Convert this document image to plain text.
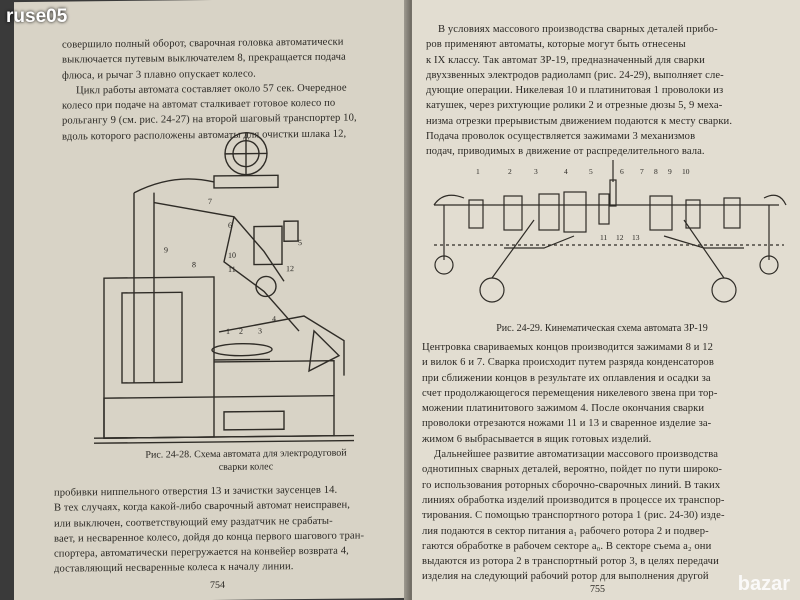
совершило полный оборот, сварочная головка автоматически
выключается путевым выключателем 8, прекращается подача
флюса, и рычаг 3 плавно опускает колесо.
Цикл работы автомата составляет около 57 сек. Очередное
колесо при подаче на автомат сталкивает готовое колесо по
рольгангу 9 (см. рис. 24-27) на второй шаговый транспортер 10,
вдоль которого расположены автоматы для очистки шлака 12,
7
6
5
10
11	12
4
1 2 3
8
9
Рис. 24-28. Схема автомата для электродуговой
сварки колес
пробивки ниппельного отверстия 13 и зачистки заусенцев 14.
В тех случаях, когда какой-либо сварочный автомат неисправен,
или выключен, соответствующий ему раздатчик не срабаты-
вает, и несваренное колесо, дойдя до конца первого шагового тран-
спортера, автоматически перегружается на конвейер возврата 4,
доставляющий несваренные колеса к началу линии.
754
В условиях массового производства сварных деталей прибо-
ров применяют автоматы, которые могут быть отнесены
к IX классу. Так автомат ЗР-19, предназначенный для сварки
двухзвенных электродов радиоламп (рис. 24-29), выполняет сле-
дующие операции. Никелевая 10 и платинитовая 1 проволоки из
катушек, через рихтующие ролики 2 и отрезные дюзы 5, 9 меха-
низма отрезки прерывистым движением подаются к месту сварки.
Подача проволок осуществляется зажимами 3 механизмов
подач, приводимых в движение от распределительного вала.
1	2	3	4	5	6 7 8 9 10
11 12 13
Рис. 24-29. Кинематическая схема автомата ЗР-19
Центровка свариваемых концов производится зажимами 8 и 12
и вилок 6 и 7. Сварка происходит путем разряда конденсаторов
при сближении концов в результате их оплавления и осадки за
счет продолжающегося перемещения никелевого звена при тор-
можении платинитового зажимом 4. После окончания сварки
проволоки отрезаются ножами 11 и 13 и сваренное изделие за-
жимом 6 выбрасывается в ящик готовых изделий.
Дальнейшее развитие автоматизации массового производства
однотипных сварных деталей, вероятно, пойдет по пути широко-
го использования роторных сборочно-сварочных линий. В таких
линиях обработка изделий производится в процессе их транспор-
тирования. С помощью транспортного ротора 1 (рис. 24-30) изде-
лия подаются в сектор питания a₁ рабочего ротора 2 и подвер-
гаются обработке в рабочем секторе a₀. В секторе съема a₂ они
выдаются из ротора 2 в транспортный ротор 3, в целях передачи
изделия на следующий рабочий ротор для выполнения другой
755
ruse05
bazar
